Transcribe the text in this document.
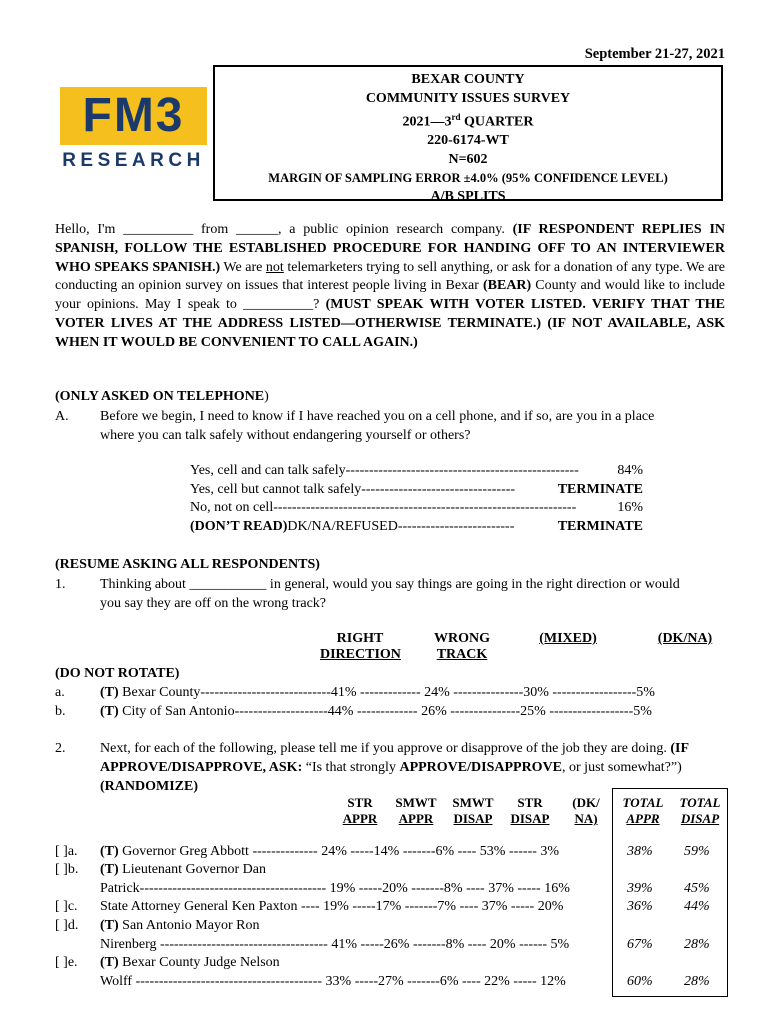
September 21-27, 2021
FM3
RESEARCH
BEXAR COUNTY
COMMUNITY ISSUES SURVEY
2021—3rd QUARTER
220-6174-WT
N=602
MARGIN OF SAMPLING ERROR ±4.0% (95% CONFIDENCE LEVEL)
A/B SPLITS
Hello, I'm __________ from ______, a public opinion research company. (IF RESPONDENT REPLIES IN SPANISH, FOLLOW THE ESTABLISHED PROCEDURE FOR HANDING OFF TO AN INTERVIEWER WHO SPEAKS SPANISH.) We are not telemarketers trying to sell anything, or ask for a donation of any type. We are conducting an opinion survey on issues that interest people living in Bexar (BEAR) County and would like to include your opinions. May I speak to __________? (MUST SPEAK WITH VOTER LISTED. VERIFY THAT THE VOTER LIVES AT THE ADDRESS LISTED—OTHERWISE TERMINATE.) (IF NOT AVAILABLE, ASK WHEN IT WOULD BE CONVENIENT TO CALL AGAIN.)
(ONLY ASKED ON TELEPHONE)
A. Before we begin, I need to know if I have reached you on a cell phone, and if so, are you in a place
where you can talk safely without endangering yourself or others?
Yes, cell and can talk safely --------------------------------------------------	84%
Yes, cell but cannot talk safely ---------------------------------	TERMINATE
No, not on cell -----------------------------------------------------------------	16%
(DON’T READ) DK/NA/REFUSED -------------------------	TERMINATE
(RESUME ASKING ALL RESPONDENTS)
1. Thinking about ___________ in general, would you say things are going in the right direction or would
you say they are off on the wrong track?
RIGHT
DIRECTION
WRONG
TRACK
(MIXED)	(DK/NA)
(DO NOT ROTATE)
a.	(T) Bexar County----------------------------41% ------------- 24% ---------------30% ------------------5%
b. (T) City of San Antonio--------------------44% ------------- 26% ---------------25% ------------------5%
2. Next, for each of the following, please tell me if you approve or disapprove of the job they are doing. (IF
APPROVE/DISAPPROVE, ASK: “Is that strongly APPROVE/DISAPPROVE, or just somewhat?”)
(RANDOMIZE)
STR
APPR
SMWT
APPR
SMWT
DISAP
STR
DISAP
(DK/
NA)
TOTAL
APPR
TOTAL
DISAP
[ ]a. (T) Governor Greg Abbott -------------- 24% -----14% -------6% ---- 53% ------ 3%	38% 59%
[ ]b. (T) Lieutenant Governor Dan
Patrick---------------------------------------- 19% -----20% -------8% ---- 37% ----- 16%	39% 45%
[ ]c. State Attorney General Ken Paxton ---- 19% -----17% -------7% ---- 37% ----- 20%	36% 44%
[ ]d. (T) San Antonio Mayor Ron
Nirenberg ------------------------------------ 41% -----26% -------8% ---- 20% ------ 5%	67% 28%
[ ]e. (T) Bexar County Judge Nelson
Wolff ---------------------------------------- 33% -----27% -------6% ---- 22% ----- 12%	60% 28%
